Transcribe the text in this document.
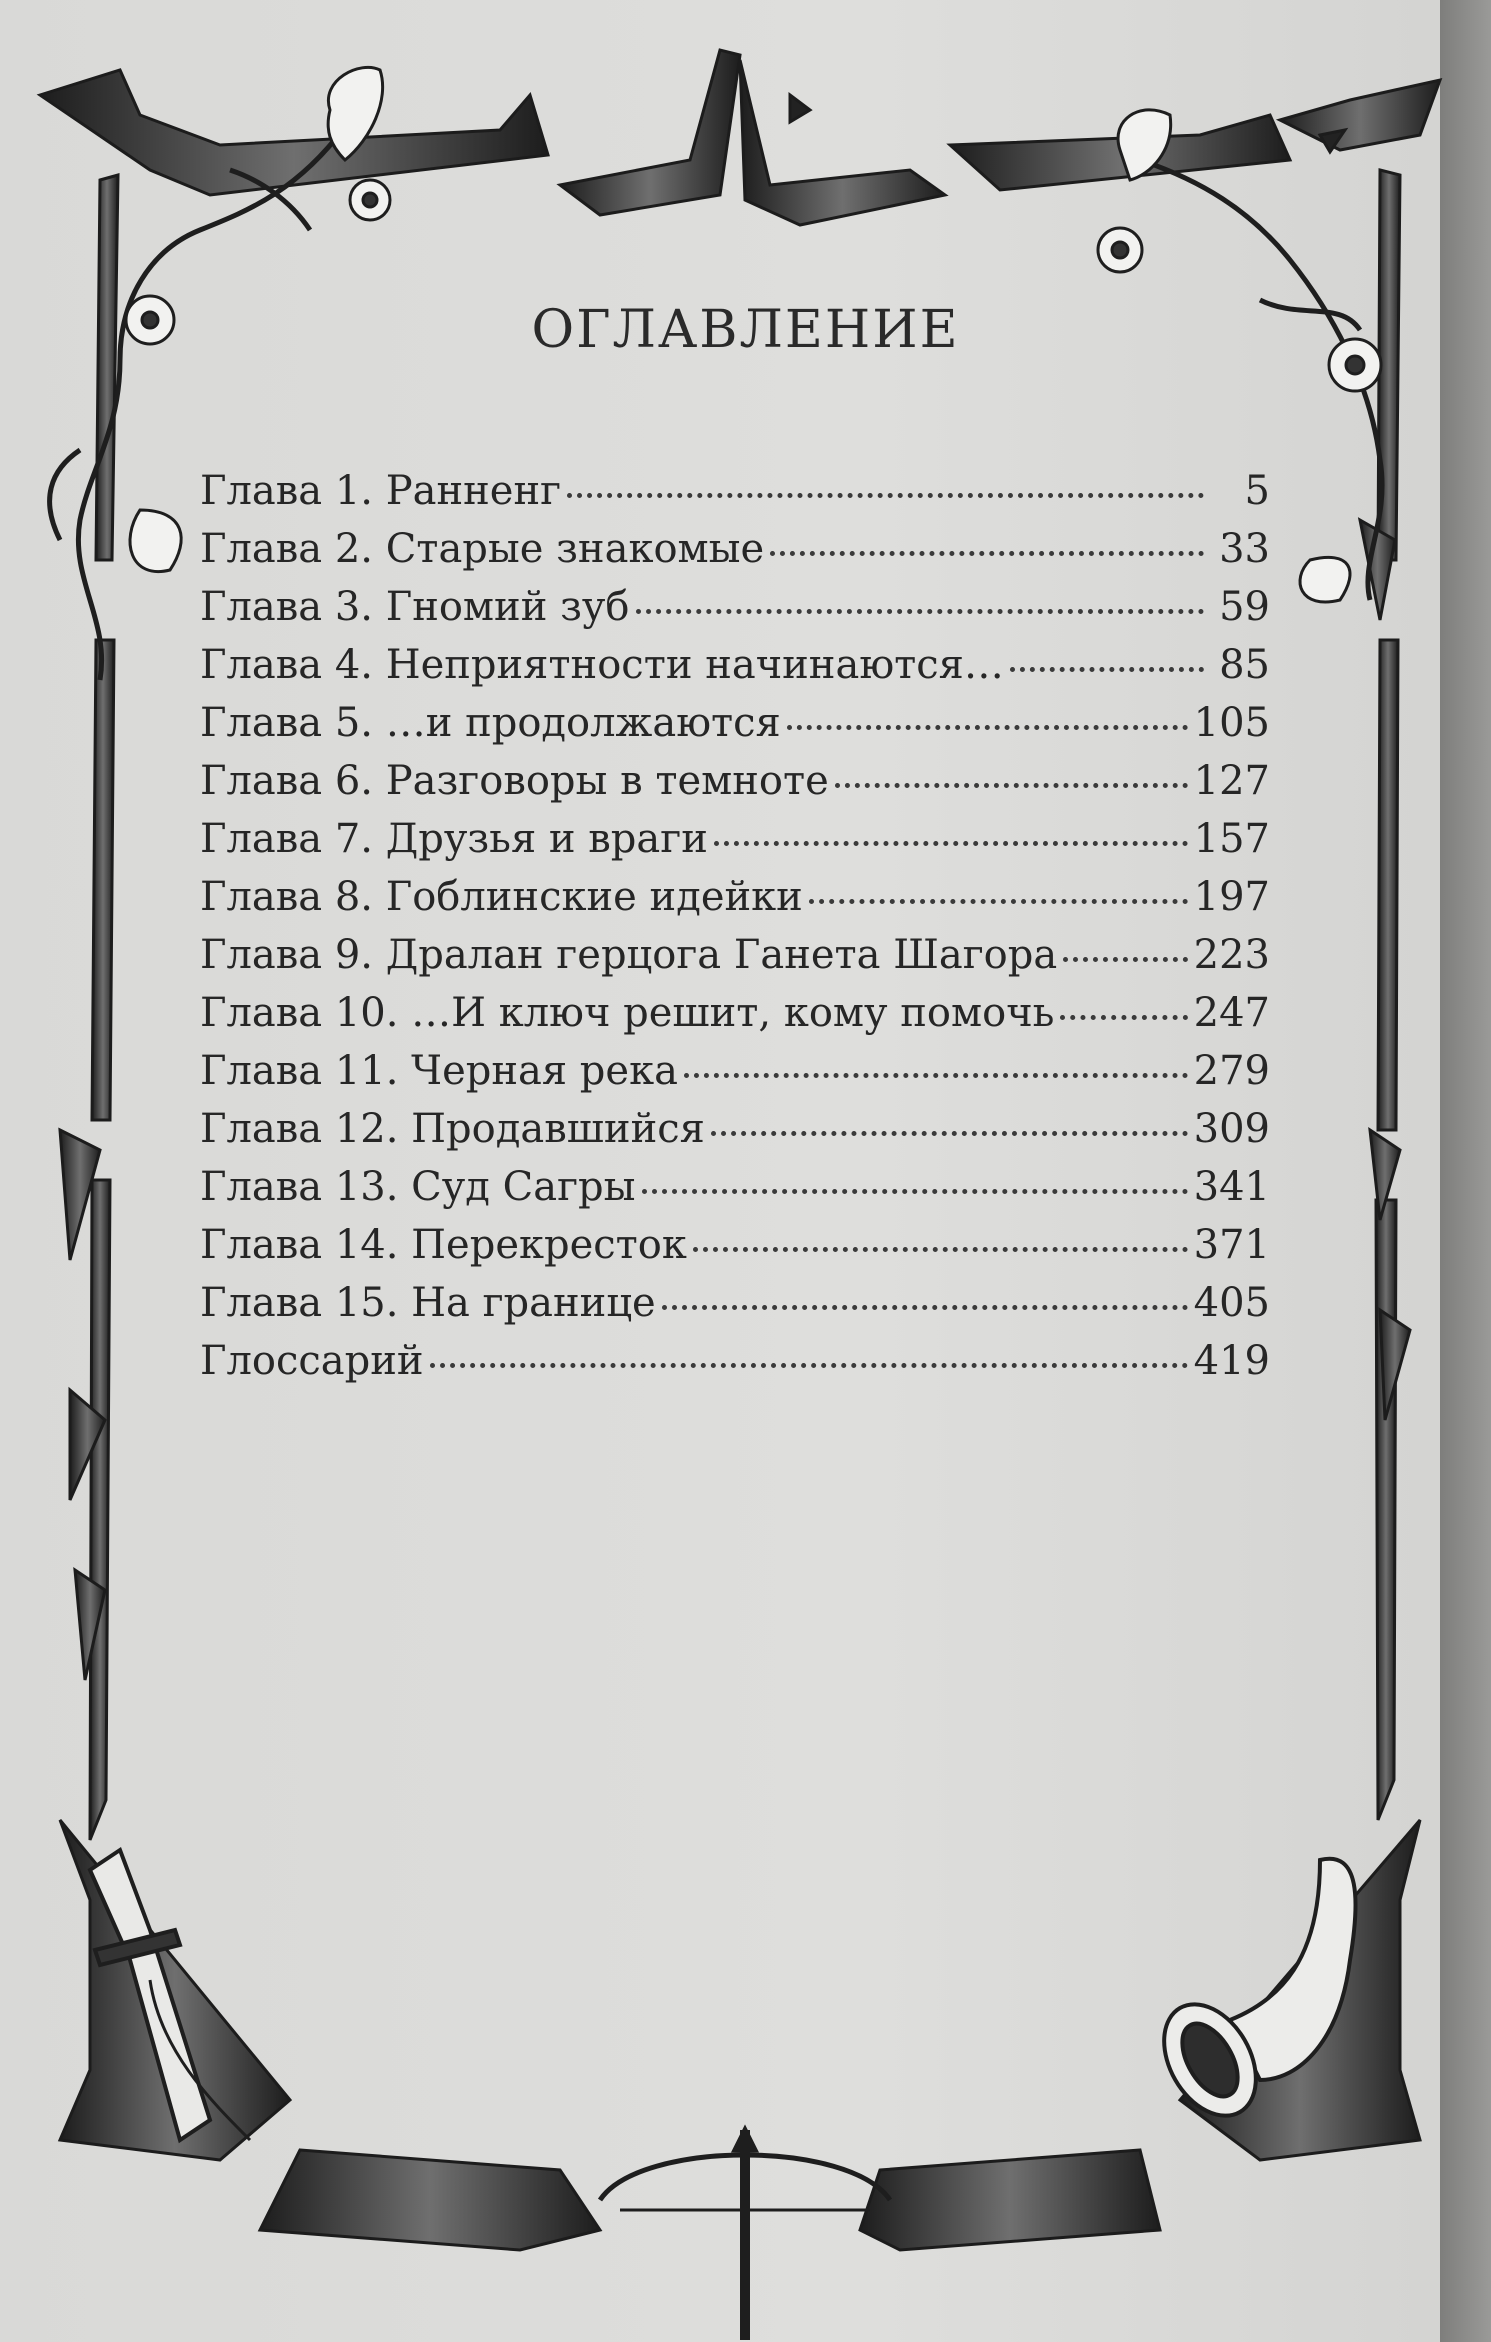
ОГЛАВЛЕНИЕ
Глава 1. Ранненг	5
Глава 2. Старые знакомые	33
Глава 3. Гномий зуб	59
Глава 4. Неприятности начинаются…	85
Глава 5. …и продолжаются	105
Глава 6. Разговоры в темноте	127
Глава 7. Друзья и враги	157
Глава 8. Гоблинские идейки	197
Глава 9. Дралан герцога Ганета Шагора	223
Глава 10. …И ключ решит, кому помочь	247
Глава 11. Черная река	279
Глава 12. Продавшийся	309
Глава 13. Суд Сагры	341
Глава 14. Перекресток	371
Глава 15. На границе	405
Глоссарий	419
